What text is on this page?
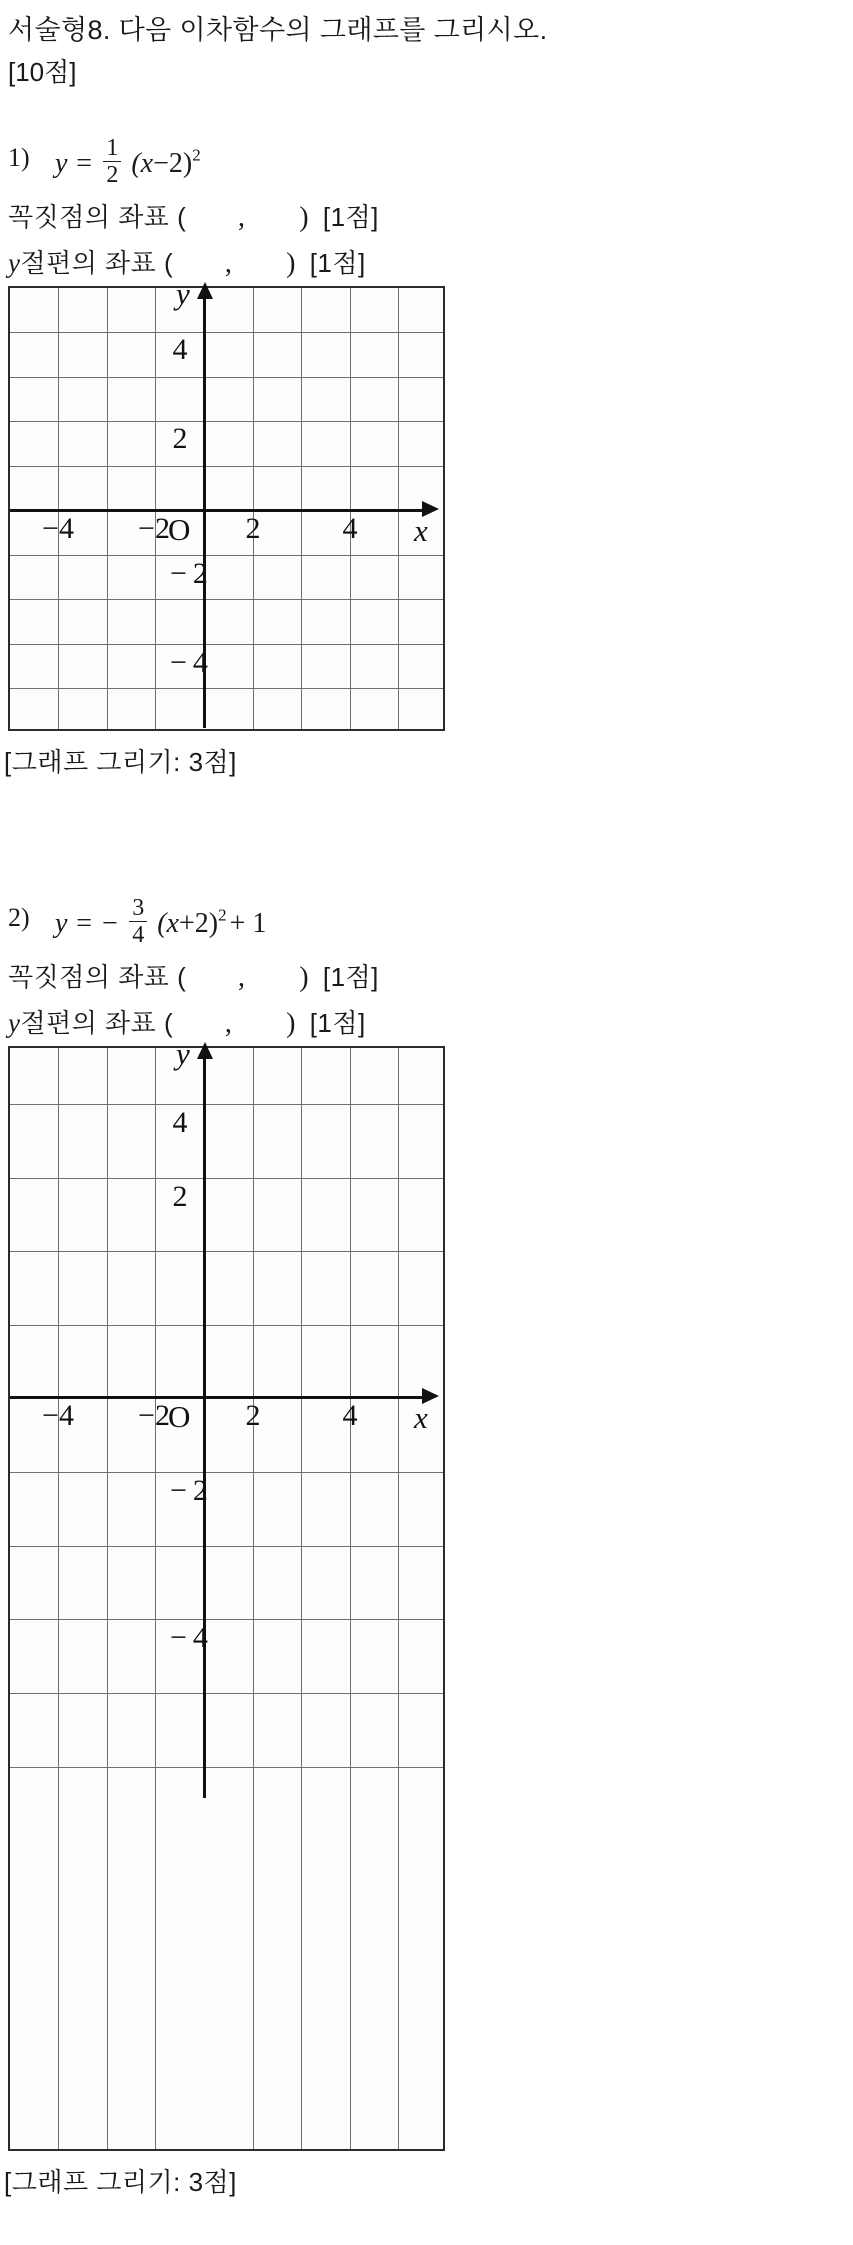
서술형8. 다음 이차함수의 그래프를 그리시오.
[10점]
1) $y = \frac{1}{2} (x-2)^2$
꼭짓점의 좌표 ( , ) [1점]
y절편의 좌표 ( , ) [1점]
x
y
O
−4	−2	2	4
4
2
− 2
− 4
[그래프 그리기: 3점]
2) y = − $\frac{3}{4} (x+2)^2 + 1$
꼭짓점의 좌표 ( , ) [1점]
y절편의 좌표 ( , ) [1점]
x
y
O
−4	−2	2	4
4
2
− 2
− 4
[그래프 그리기: 3점]
